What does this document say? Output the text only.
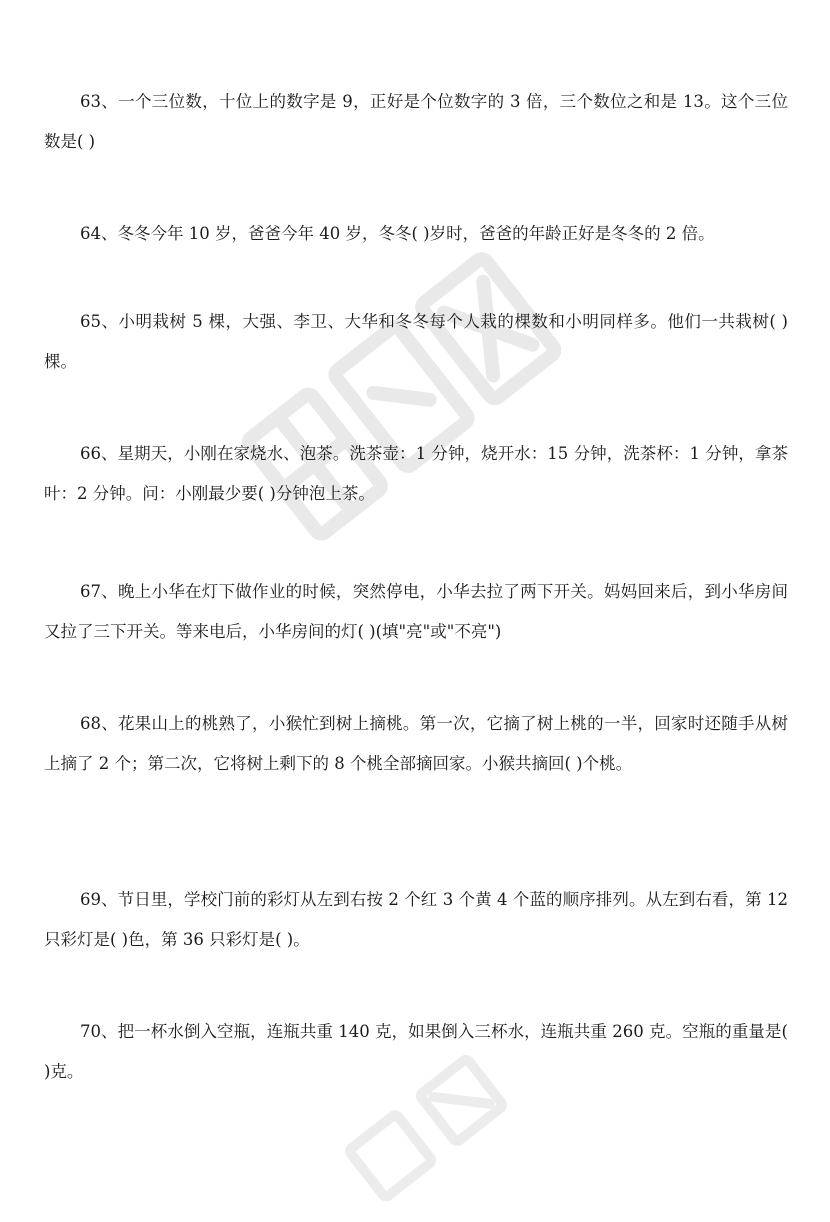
63、一个三位数，十位上的数字是 9，正好是个位数字的 3 倍，三个数位之和是 13。这个三位数是( )

64、冬冬今年 10 岁，爸爸今年 40 岁，冬冬( )岁时，爸爸的年龄正好是冬冬的 2 倍。

65、小明栽树 5 棵，大强、李卫、大华和冬冬每个人栽的棵数和小明同样多。他们一共栽树( )棵。

66、星期天，小刚在家烧水、泡茶。洗茶壶：1 分钟，烧开水：15 分钟，洗茶杯：1 分钟，拿茶叶：2 分钟。问：小刚最少要( )分钟泡上茶。

67、晚上小华在灯下做作业的时候，突然停电，小华去拉了两下开关。妈妈回来后，到小华房间又拉了三下开关。等来电后，小华房间的灯( )(填"亮"或"不亮")

68、花果山上的桃熟了，小猴忙到树上摘桃。第一次，它摘了树上桃的一半，回家时还随手从树上摘了 2 个；第二次，它将树上剩下的 8 个桃全部摘回家。小猴共摘回( )个桃。

69、节日里，学校门前的彩灯从左到右按 2 个红 3 个黄 4 个蓝的顺序排列。从左到右看，第 12 只彩灯是( )色，第 36 只彩灯是( )。

70、把一杯水倒入空瓶，连瓶共重 140 克，如果倒入三杯水，连瓶共重 260 克。空瓶的重量是( )克。
